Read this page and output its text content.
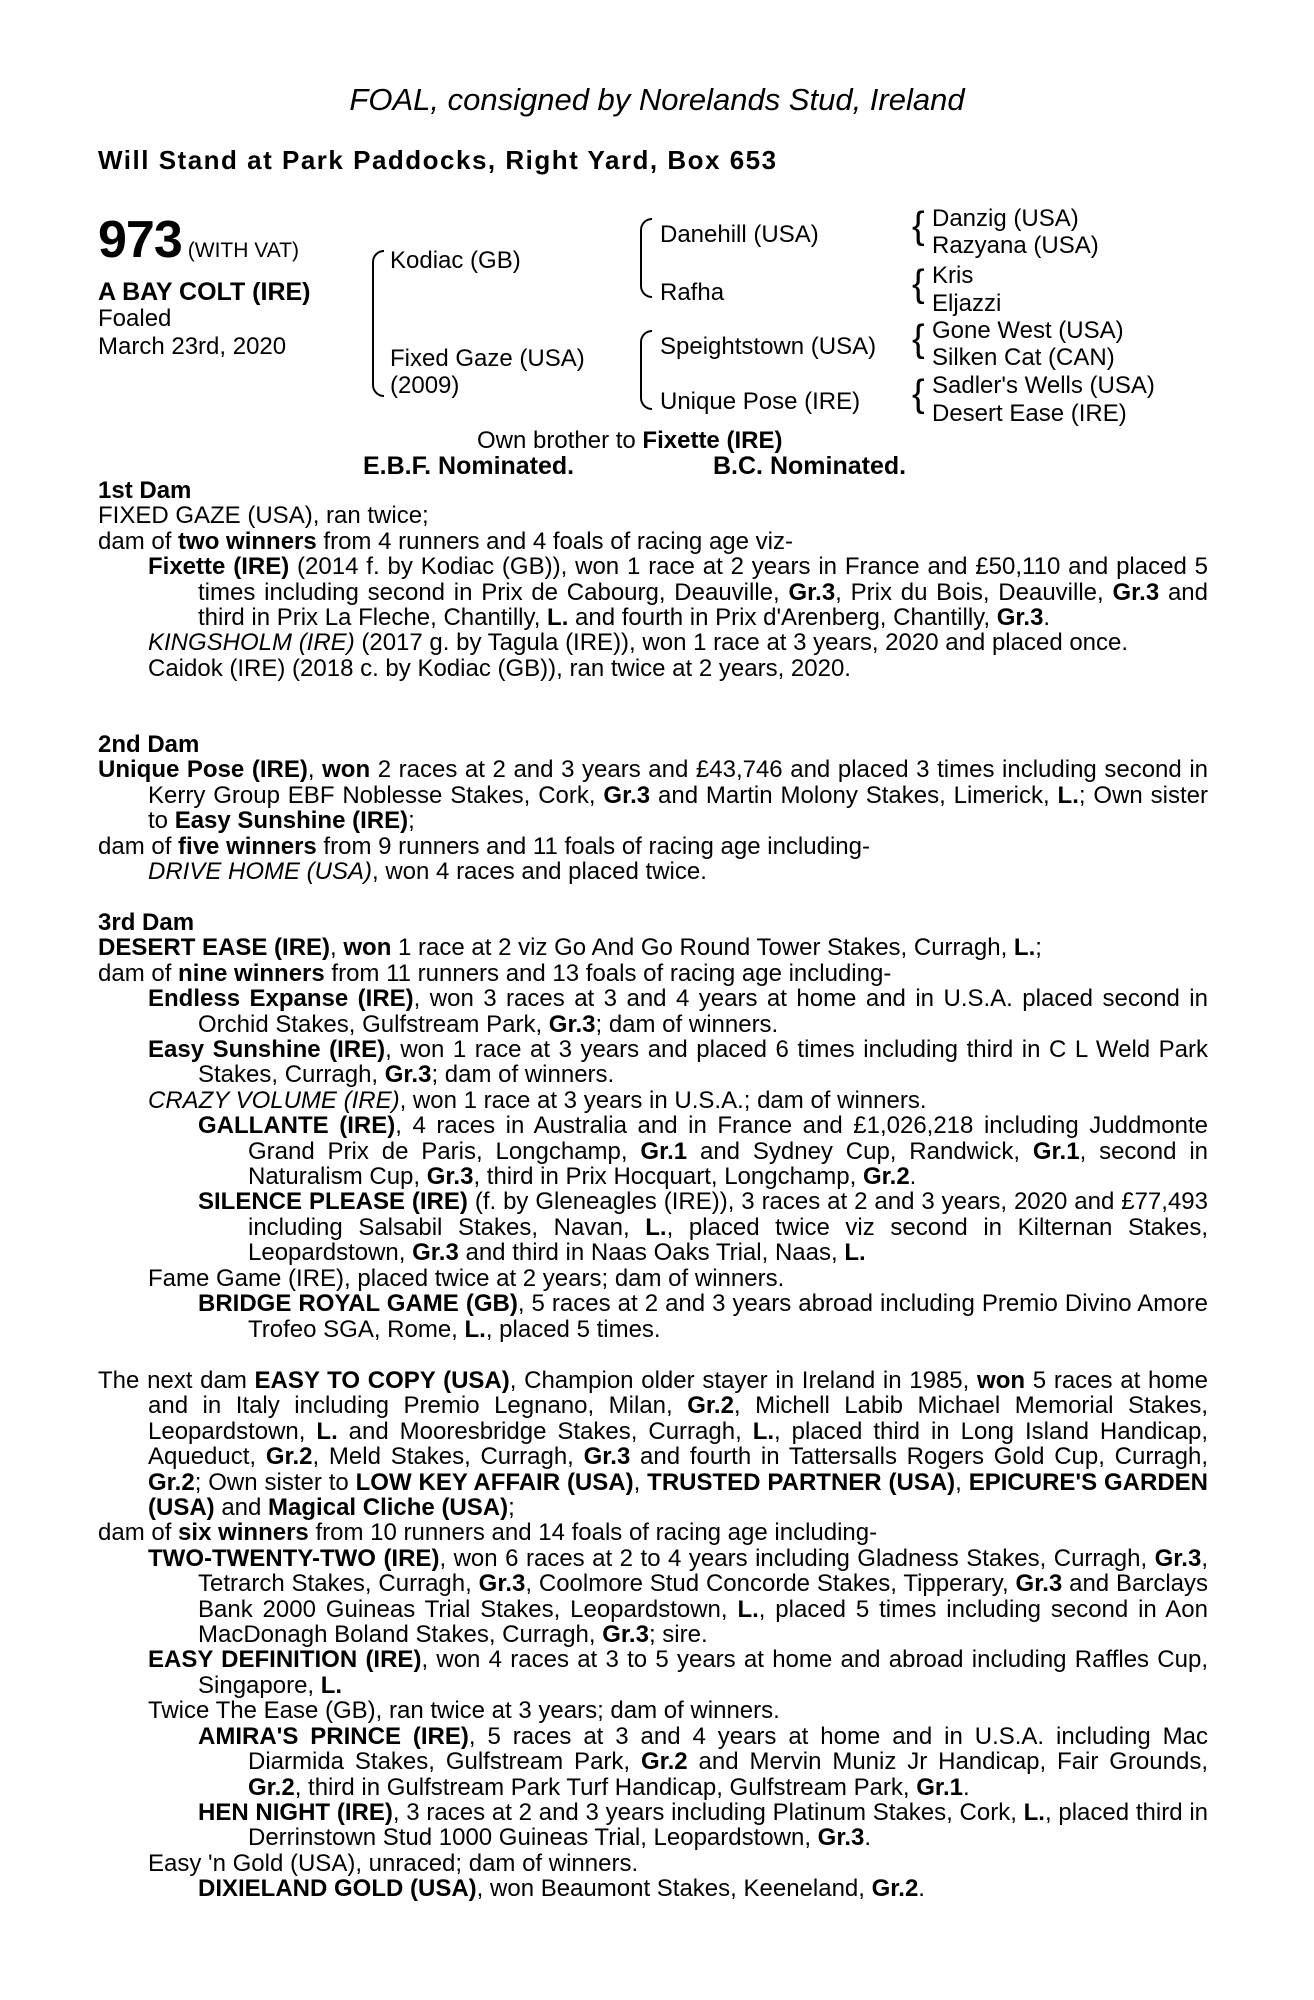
FOAL, consigned by Norelands Stud, Ireland
Will Stand at Park Paddocks, Right Yard, Box 653
973 (WITH VAT)
A BAY COLT (IRE)
Foaled
March 23rd, 2020
Kodiac (GB)
Fixed Gaze (USA)
(2009)
Danehill (USA)
Rafha
Speightstown (USA)
Unique Pose (IRE)
{ Danzig (USA)
Razyana (USA)
{ Kris
Eljazzi
{ Gone West (USA)
Silken Cat (CAN)
{ Sadler's Wells (USA)
Desert Ease (IRE)
Own brother to Fixette (IRE)
E.B.F. Nominated.	B.C. Nominated.

1st Dam

FIXED GAZE (USA), ran twice;

dam of two winners from 4 runners and 4 foals of racing age viz-

Fixette (IRE) (2014 f. by Kodiac (GB)), won 1 race at 2 years in France and £50,110 and placed 5 times including second in Prix de Cabourg, Deauville, Gr.3, Prix du Bois, Deauville, Gr.3 and third in Prix La Fleche, Chantilly, L. and fourth in Prix d'Arenberg, Chantilly, Gr.3.

KINGSHOLM (IRE) (2017 g. by Tagula (IRE)), won 1 race at 3 years, 2020 and placed once.

Caidok (IRE) (2018 c. by Kodiac (GB)), ran twice at 2 years, 2020.

2nd Dam

Unique Pose (IRE), won 2 races at 2 and 3 years and £43,746 and placed 3 times including second in Kerry Group EBF Noblesse Stakes, Cork, Gr.3 and Martin Molony Stakes, Limerick, L.; Own sister to Easy Sunshine (IRE);

dam of five winners from 9 runners and 11 foals of racing age including-

DRIVE HOME (USA), won 4 races and placed twice.

3rd Dam

DESERT EASE (IRE), won 1 race at 2 viz Go And Go Round Tower Stakes, Curragh, L.;

dam of nine winners from 11 runners and 13 foals of racing age including-

Endless Expanse (IRE), won 3 races at 3 and 4 years at home and in U.S.A. placed second in Orchid Stakes, Gulfstream Park, Gr.3; dam of winners.

Easy Sunshine (IRE), won 1 race at 3 years and placed 6 times including third in C L Weld Park Stakes, Curragh, Gr.3; dam of winners.

CRAZY VOLUME (IRE), won 1 race at 3 years in U.S.A.; dam of winners.

GALLANTE (IRE), 4 races in Australia and in France and £1,026,218 including Juddmonte Grand Prix de Paris, Longchamp, Gr.1 and Sydney Cup, Randwick, Gr.1, second in Naturalism Cup, Gr.3, third in Prix Hocquart, Longchamp, Gr.2.

SILENCE PLEASE (IRE) (f. by Gleneagles (IRE)), 3 races at 2 and 3 years, 2020 and £77,493 including Salsabil Stakes, Navan, L., placed twice viz second in Kilternan Stakes, Leopardstown, Gr.3 and third in Naas Oaks Trial, Naas, L.

Fame Game (IRE), placed twice at 2 years; dam of winners.

BRIDGE ROYAL GAME (GB), 5 races at 2 and 3 years abroad including Premio Divino Amore Trofeo SGA, Rome, L., placed 5 times.

The next dam EASY TO COPY (USA), Champion older stayer in Ireland in 1985, won 5 races at home and in Italy including Premio Legnano, Milan, Gr.2, Michell Labib Michael Memorial Stakes, Leopardstown, L. and Mooresbridge Stakes, Curragh, L., placed third in Long Island Handicap, Aqueduct, Gr.2, Meld Stakes, Curragh, Gr.3 and fourth in Tattersalls Rogers Gold Cup, Curragh, Gr.2; Own sister to LOW KEY AFFAIR (USA), TRUSTED PARTNER (USA), EPICURE'S GARDEN (USA) and Magical Cliche (USA);

dam of six winners from 10 runners and 14 foals of racing age including-

TWO-TWENTY-TWO (IRE), won 6 races at 2 to 4 years including Gladness Stakes, Curragh, Gr.3, Tetrarch Stakes, Curragh, Gr.3, Coolmore Stud Concorde Stakes, Tipperary, Gr.3 and Barclays Bank 2000 Guineas Trial Stakes, Leopardstown, L., placed 5 times including second in Aon MacDonagh Boland Stakes, Curragh, Gr.3; sire.

EASY DEFINITION (IRE), won 4 races at 3 to 5 years at home and abroad including Raffles Cup, Singapore, L.

Twice The Ease (GB), ran twice at 3 years; dam of winners.

AMIRA'S PRINCE (IRE), 5 races at 3 and 4 years at home and in U.S.A. including Mac Diarmida Stakes, Gulfstream Park, Gr.2 and Mervin Muniz Jr Handicap, Fair Grounds, Gr.2, third in Gulfstream Park Turf Handicap, Gulfstream Park, Gr.1.

HEN NIGHT (IRE), 3 races at 2 and 3 years including Platinum Stakes, Cork, L., placed third in Derrinstown Stud 1000 Guineas Trial, Leopardstown, Gr.3.

Easy 'n Gold (USA), unraced; dam of winners.

DIXIELAND GOLD (USA), won Beaumont Stakes, Keeneland, Gr.2.
